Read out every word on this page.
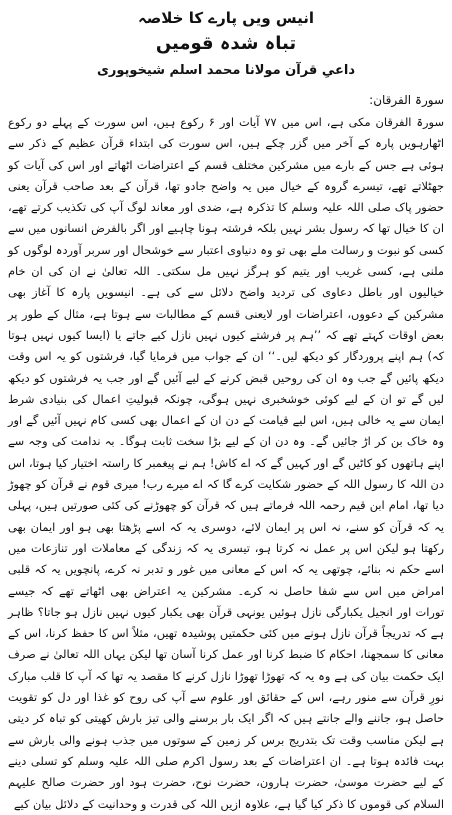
انیس ویں پارے کا خلاصہ
تباہ شدہ قومیں
داعیِ قرآن مولانا محمد اسلم شیخوپوری
سورۃ الفرقان:

سورۃ الفرقان مکی ہے، اس میں ۷۷ آیات اور ۶ رکوع ہیں، اس سورت کے پہلے دو رکوع اٹھارہویں پارہ کے آخر میں گزر چکے ہیں، اس سورت کی ابتداء قرآن عظیم کے ذکر سے ہوئی ہے جس کے بارے میں مشرکین مختلف قسم کے اعتراضات اٹھاتے اور اس کی آیات کو جھٹلاتے تھے، تیسرے گروہ کے خیال میں یہ واضح جادو تھا، قرآن کے بعد صاحب قرآن یعنی حضور پاک صلی اللہ علیہ وسلم کا تذکرہ ہے، ضدی اور معاند لوگ آپ کی تکذیب کرتے تھے، ان کا خیال تھا کہ رسول بشر نہیں بلکہ فرشتہ ہونا چاہیے اور اگر بالفرض انسانوں میں سے کسی کو نبوت و رسالت ملے بھی تو وہ دنیاوی اعتبار سے خوشحال اور سربر آوردہ لوگوں کو ملنی ہے، کسی غریب اور یتیم کو ہرگز نہیں مل سکتی۔ اللہ تعالیٰ نے ان کی ان خام خیالیوں اور باطل دعاوی کی تردید واضح دلائل سے کی ہے۔ انیسویں پارہ کا آغاز بھی مشرکین کے دعووں، اعتراضات اور لایعنی قسم کے مطالبات سے ہوتا ہے، مثال کے طور پر بعض اوقات کہتے تھے کہ ’’ہم پر فرشتے کیوں نہیں نازل کیے جاتے یا (ایسا کیوں نہیں ہوتا کہ) ہم اپنے پروردگار کو دیکھ لیں۔‘‘ ان کے جواب میں فرمایا گیا، فرشتوں کو یہ اس وقت دیکھ پائیں گے جب وہ ان کی روحیں قبض کرنے کے لیے آئیں گے اور جب یہ فرشتوں کو دیکھ لیں گے تو ان کے لیے کوئی خوشخبری نہیں ہوگی، چونکہ قبولیتِ اعمال کی بنیادی شرط ایمان سے یہ خالی ہیں، اس لیے قیامت کے دن ان کے اعمال بھی کسی کام نہیں آئیں گے اور وہ خاک بن کر اڑ جائیں گے۔ وہ دن ان کے لیے بڑا سخت ثابت ہوگا۔ بہ ندامت کی وجہ سے اپنے ہاتھوں کو کاٹیں گے اور کہیں گے کہ اے کاش! ہم نے پیغمبر کا راستہ اختیار کیا ہوتا، اس دن اللہ کا رسول اللہ کے حضور شکایت کرے گا کہ اے میرے رب! میری قوم نے قرآن کو چھوڑ دیا تھا، امام ابن قیم رحمہ اللہ فرماتے ہیں کہ قرآن کو چھوڑنے کی کئی صورتیں ہیں، پہلی یہ کہ قرآن کو سنے، نہ اس پر ایمان لائے، دوسری یہ کہ اسے پڑھتا بھی ہو اور ایمان بھی رکھتا ہو لیکن اس پر عمل نہ کرتا ہو، تیسری یہ کہ زندگی کے معاملات اور تنازعات میں اسے حکم نہ بنائے، چوتھی یہ کہ اس کے معانی میں غور و تدبر نہ کرے، پانچویں یہ کہ قلبی امراض میں اس سے شفا حاصل نہ کرے۔ مشرکین یہ اعتراض بھی اٹھاتے تھے کہ جیسے تورات اور انجیل یکبارگی نازل ہوئیں یونہی قرآن بھی یکبار کیوں نہیں نازل ہو جاتا؟ ظاہر ہے کہ تدریجاً قرآن نازل ہونے میں کئی حکمتیں پوشیدہ تھیں، مثلاً اس کا حفظ کرنا، اس کے معانی کا سمجھنا، احکام کا ضبط کرنا اور عمل کرنا آسان تھا لیکن یہاں اللہ تعالیٰ نے صرف ایک حکمت بیان کی ہے وہ یہ کہ تھوڑا تھوڑا نازل کرنے کا مقصد یہ تھا کہ آپ کا قلب مبارک نورِ قرآن سے منور رہے، اس کے حقائق اور علوم سے آپ کی روح کو غذا اور دل کو تقویت حاصل ہو، جاننے والے جانتے ہیں کہ اگر ایک بار برسنے والی تیز بارش کھیتی کو تباہ کر دیتی ہے لیکن مناسب وقت تک بتدریج برس کر زمین کے سوتوں میں جذب ہونے والی بارش سے بہت فائدہ ہوتا ہے۔ ان اعتراضات کے بعد رسول اکرم صلی اللہ علیہ وسلم کو تسلی دینے کے لیے حضرت موسیٰ، حضرت ہارون، حضرت نوح، حضرت ہود اور حضرت صالح علیہم السلام کی قوموں کا ذکر کیا گیا ہے، علاوہ ازیں اللہ کی قدرت و وحدانیت کے دلائل بیان کیے
